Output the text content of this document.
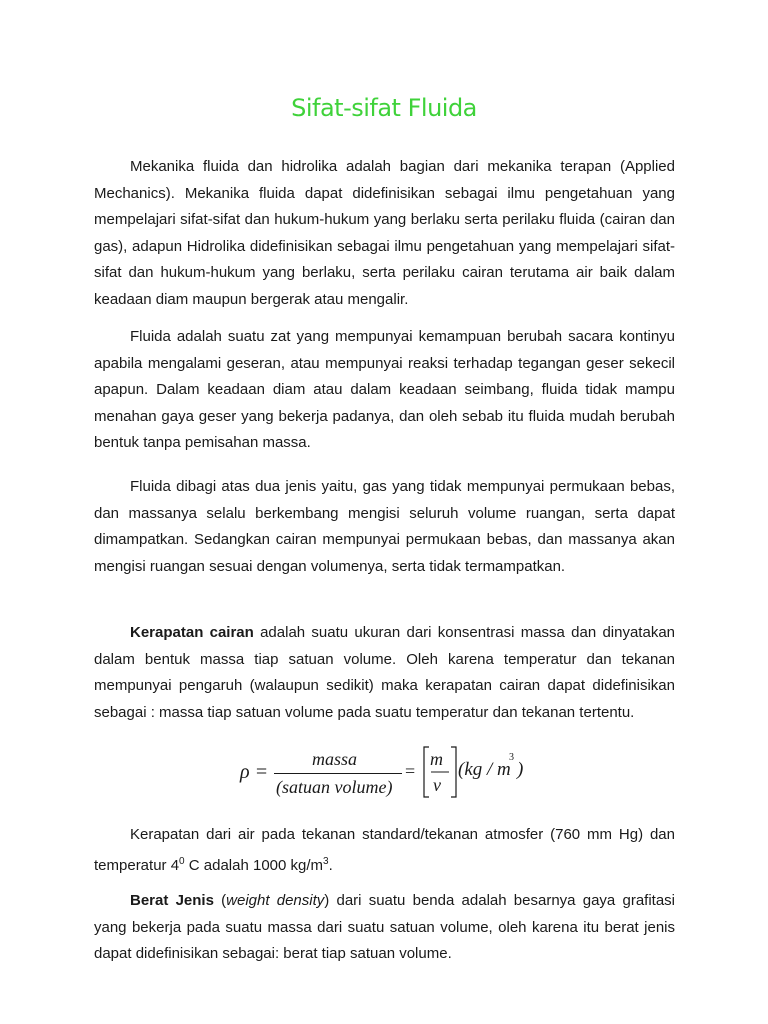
Sifat-sifat Fluida

Mekanika fluida dan hidrolika adalah bagian dari mekanika terapan (Applied Mechanics). Mekanika fluida dapat didefinisikan sebagai ilmu pengetahuan yang mempelajari sifat-sifat dan hukum-hukum yang berlaku serta perilaku fluida (cairan dan gas), adapun Hidrolika didefinisikan sebagai ilmu pengetahuan yang mempelajari sifat-sifat dan hukum-hukum yang berlaku, serta perilaku cairan terutama air baik dalam keadaan diam maupun bergerak atau mengalir.

Fluida adalah suatu zat yang mempunyai kemampuan berubah sacara kontinyu apabila mengalami geseran, atau mempunyai reaksi terhadap tegangan geser sekecil apapun. Dalam keadaan diam atau dalam keadaan seimbang, fluida tidak mampu menahan gaya geser yang bekerja padanya, dan oleh sebab itu fluida mudah berubah bentuk tanpa pemisahan massa.

Fluida dibagi atas dua jenis yaitu, gas yang tidak mempunyai permukaan bebas, dan massanya selalu berkembang mengisi seluruh volume ruangan, serta dapat dimampatkan. Sedangkan cairan mempunyai permukaan bebas, dan massanya akan mengisi ruangan sesuai dengan volumenya, serta tidak termampatkan.

Kerapatan cairan adalah suatu ukuran dari konsentrasi massa dan dinyatakan dalam bentuk massa tiap satuan volume. Oleh karena temperatur dan tekanan mempunyai pengaruh (walaupun sedikit) maka kerapatan cairan dapat didefinisikan sebagai : massa tiap satuan volume pada suatu temperatur dan tekanan tertentu.

ρ =
massa
(satuan volume)
=
m
v
(kg / m
3
)

Kerapatan dari air pada tekanan standard/tekanan atmosfer (760 mm Hg) dan temperatur $4^0$ C adalah 1000 $kg/m^3$.

Berat Jenis (weight density) dari suatu benda adalah besarnya gaya grafitasi yang bekerja pada suatu massa dari suatu satuan volume, oleh karena itu berat jenis dapat didefinisikan sebagai: berat tiap satuan volume.
